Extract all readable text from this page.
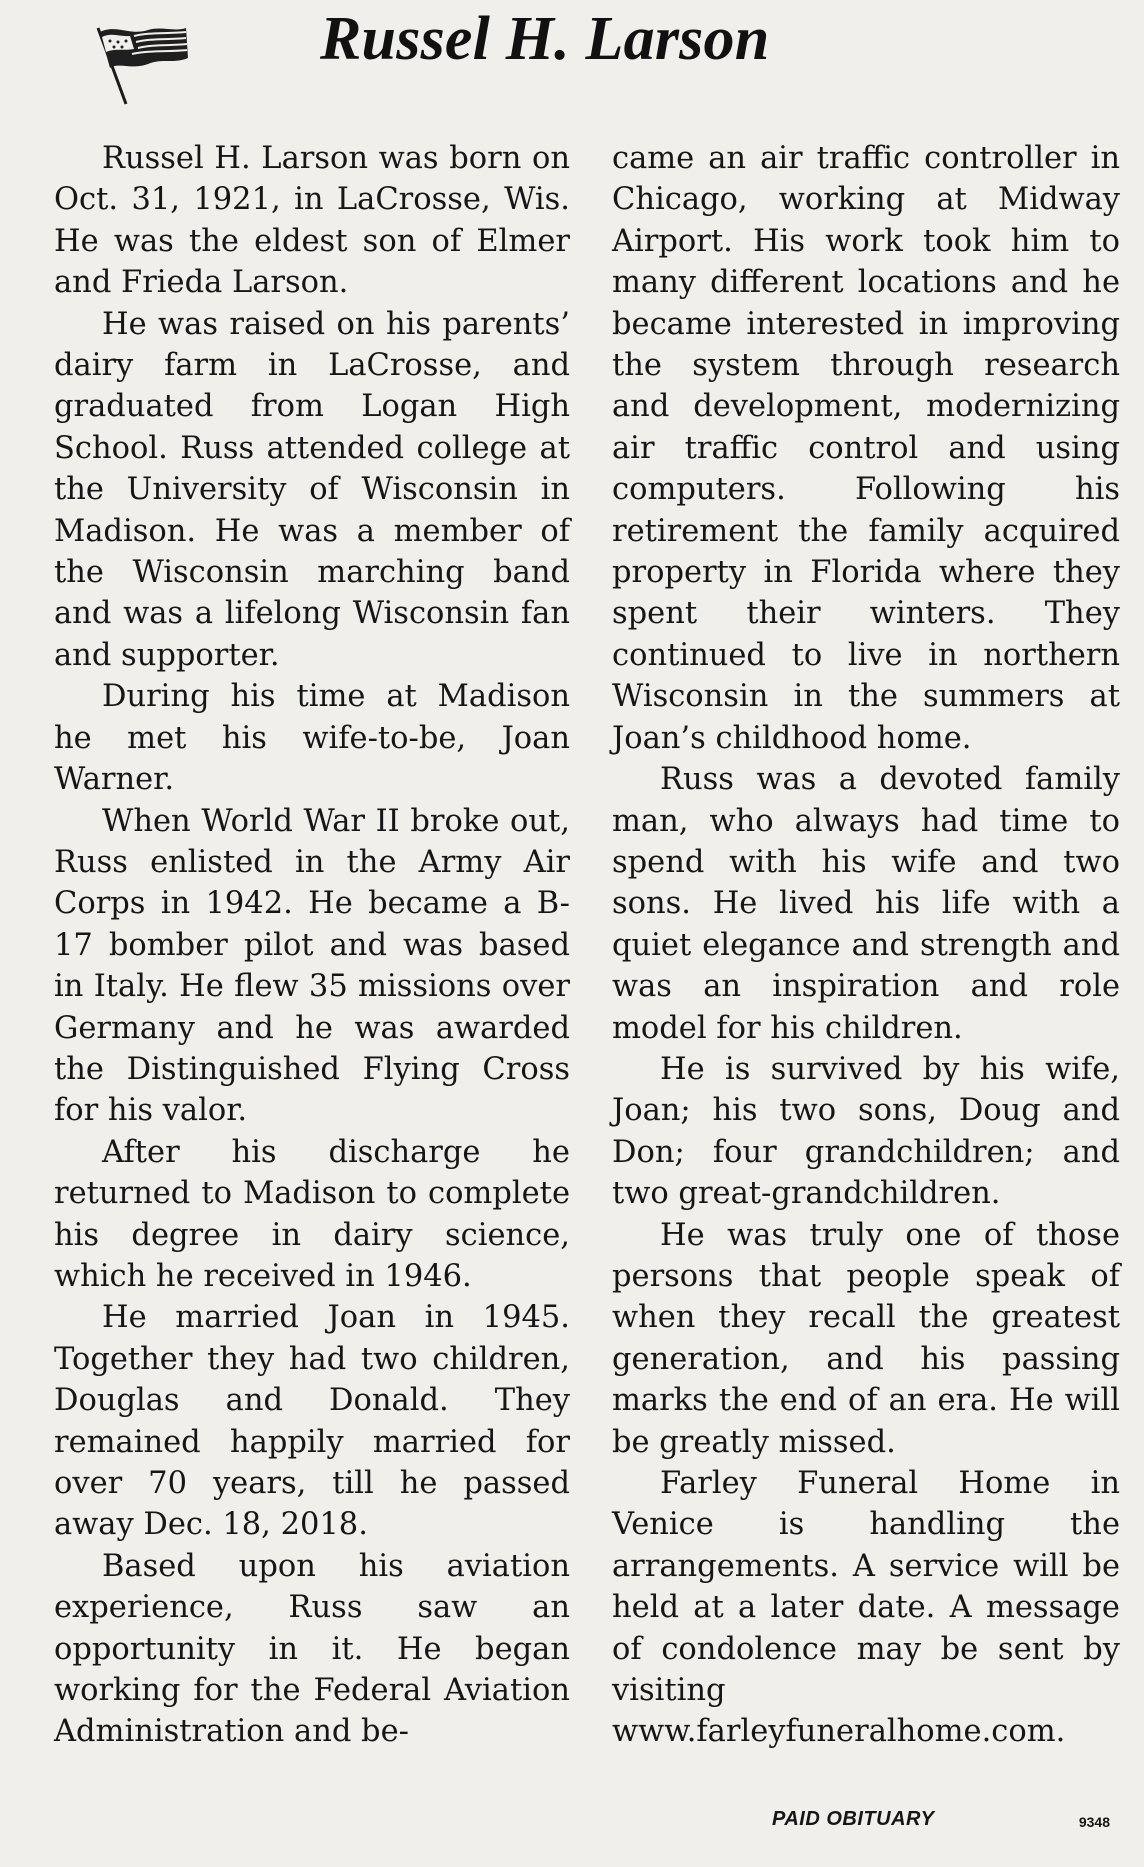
Russel H. Larson

Russel H. Larson was born on Oct. 31, 1921, in LaCrosse, Wis. He was the eldest son of Elmer and Frieda Larson.

He was raised on his parents’ dairy farm in LaCrosse, and graduated from Logan High School. Russ attended college at the University of Wisconsin in Madison. He was a member of the Wisconsin marching band and was a lifelong Wisconsin fan and supporter.

During his time at Madison he met his wife-to-be, Joan Warner.

When World War II broke out, Russ enlisted in the Army Air Corps in 1942. He became a B-17 bomber pilot and was based in Italy. He flew 35 missions over Germany and he was awarded the Distinguished Flying Cross for his valor.

After his discharge he returned to Madison to complete his degree in dairy science, which he received in 1946.

He married Joan in 1945. Together they had two children, Douglas and Donald. They remained happily married for over 70 years, till he passed away Dec. 18, 2018.

Based upon his aviation experience, Russ saw an opportunity in it. He began working for the Federal Aviation Administration and be-

came an air traffic controller in Chicago, working at Midway Airport. His work took him to many different locations and he became interested in improving the system through research and development, modernizing air traffic control and using computers. Following his retirement the family acquired property in Florida where they spent their winters. They continued to live in northern Wisconsin in the summers at Joan’s childhood home.

Russ was a devoted family man, who always had time to spend with his wife and two sons. He lived his life with a quiet elegance and strength and was an inspiration and role model for his children.

He is survived by his wife, Joan; his two sons, Doug and Don; four grandchildren; and two great-grandchildren.

He was truly one of those persons that people speak of when they recall the greatest generation, and his passing marks the end of an era. He will be greatly missed.

Farley Funeral Home in Venice is handling the arrangements. A service will be held at a later date. A message of condolence may be sent by visiting www.farleyfuneralhome.com.

PAID OBITUARY	9348
